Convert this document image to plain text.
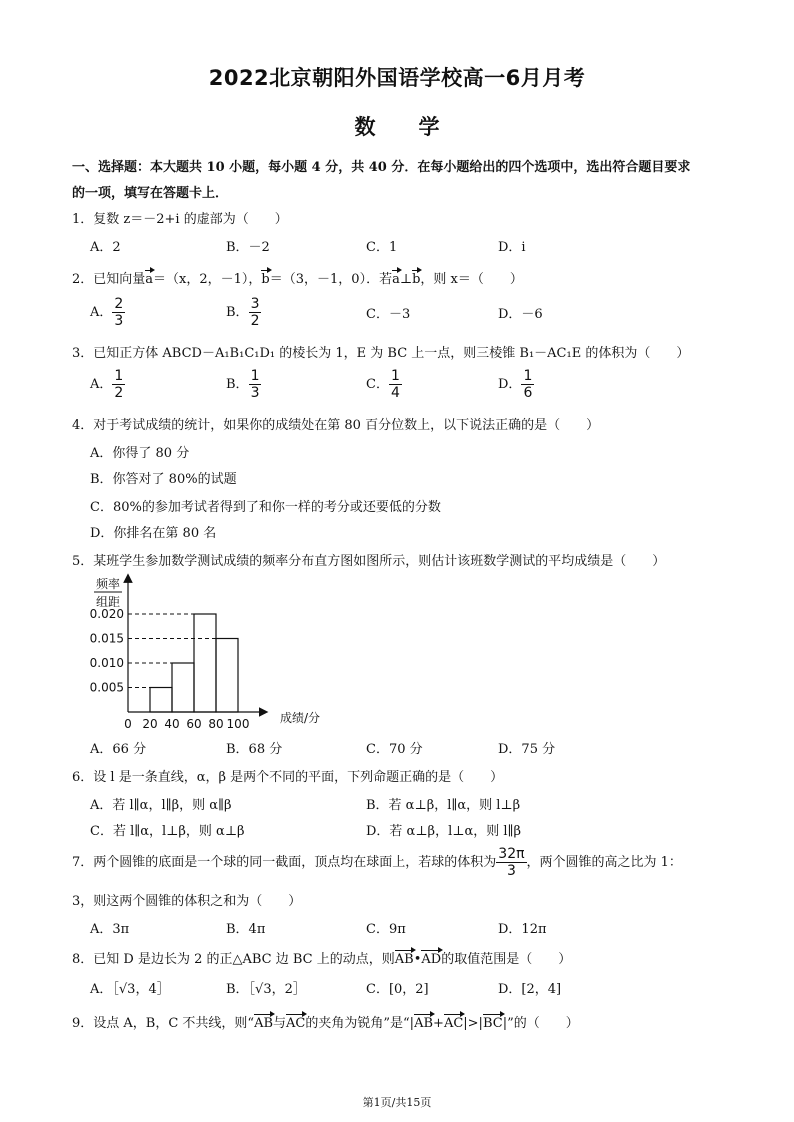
2022北京朝阳外国语学校高一6月月考
数 学
一、选择题：本大题共 10 小题，每小题 4 分，共 40 分．在每小题给出的四个选项中，选出符合题目要求
的一项，填写在答题卡上．
1．复数 z＝－2+i 的虚部为（　　）
A．2	B．－2	C．1	D．i
2．已知向量a＝（x，2，－1），b＝（3，－1，0）．若a⊥b，则 x＝（　　）
A． $\frac{2}{3}$	B． $\frac{3}{2}$	C．－3	D．－6
3．已知正方体 ABCD－A₁B₁C₁D₁ 的棱长为 1，E 为 BC 上一点，则三棱锥 B₁－AC₁E 的体积为（　　）
A． $\frac{1}{2}$	B． $\frac{1}{3}$	C． $\frac{1}{4}$	D． $\frac{1}{6}$
4．对于考试成绩的统计，如果你的成绩处在第 80 百分位数上，以下说法正确的是（　　）
A．你得了 80 分
B．你答对了 80%的试题
C．80%的参加考试者得到了和你一样的考分或还要低的分数
D．你排名在第 80 名
5．某班学生参加数学测试成绩的频率分布直方图如图所示，则估计该班数学测试的平均成绩是（　　）
0.020
0.015
0.010
0.005
0 20 40 60 80 100
频率
组距
成绩/分
A．66 分	B．68 分	C．70 分	D．75 分
6．设 l 是一条直线，α，β 是两个不同的平面，下列命题正确的是（　　）
A．若 l∥α，l∥β，则 α∥β	B．若 α⊥β，l∥α，则 l⊥β
C．若 l∥α，l⊥β，则 α⊥β	D．若 α⊥β，l⊥α，则 l∥β
7．两个圆锥的底面是一个球的同一截面，顶点均在球面上，若球的体积为 $\frac{32\pi}{3}$ ，两个圆锥的高之比为 1：
3，则这两个圆锥的体积之和为（　　）
A．3π	B．4π	C．9π	D．12π
8．已知 D 是边长为 2 的正△ABC 边 BC 上的动点，则AB•AD的取值范围是（　　）
A．［√3，4］	B．［√3，2］	C．[0，2]	D．[2，4]
9．设点 A，B，C 不共线，则“AB与AC的夹角为锐角”是“|AB+AC|>|BC|”的（　　）
第1页/共15页
